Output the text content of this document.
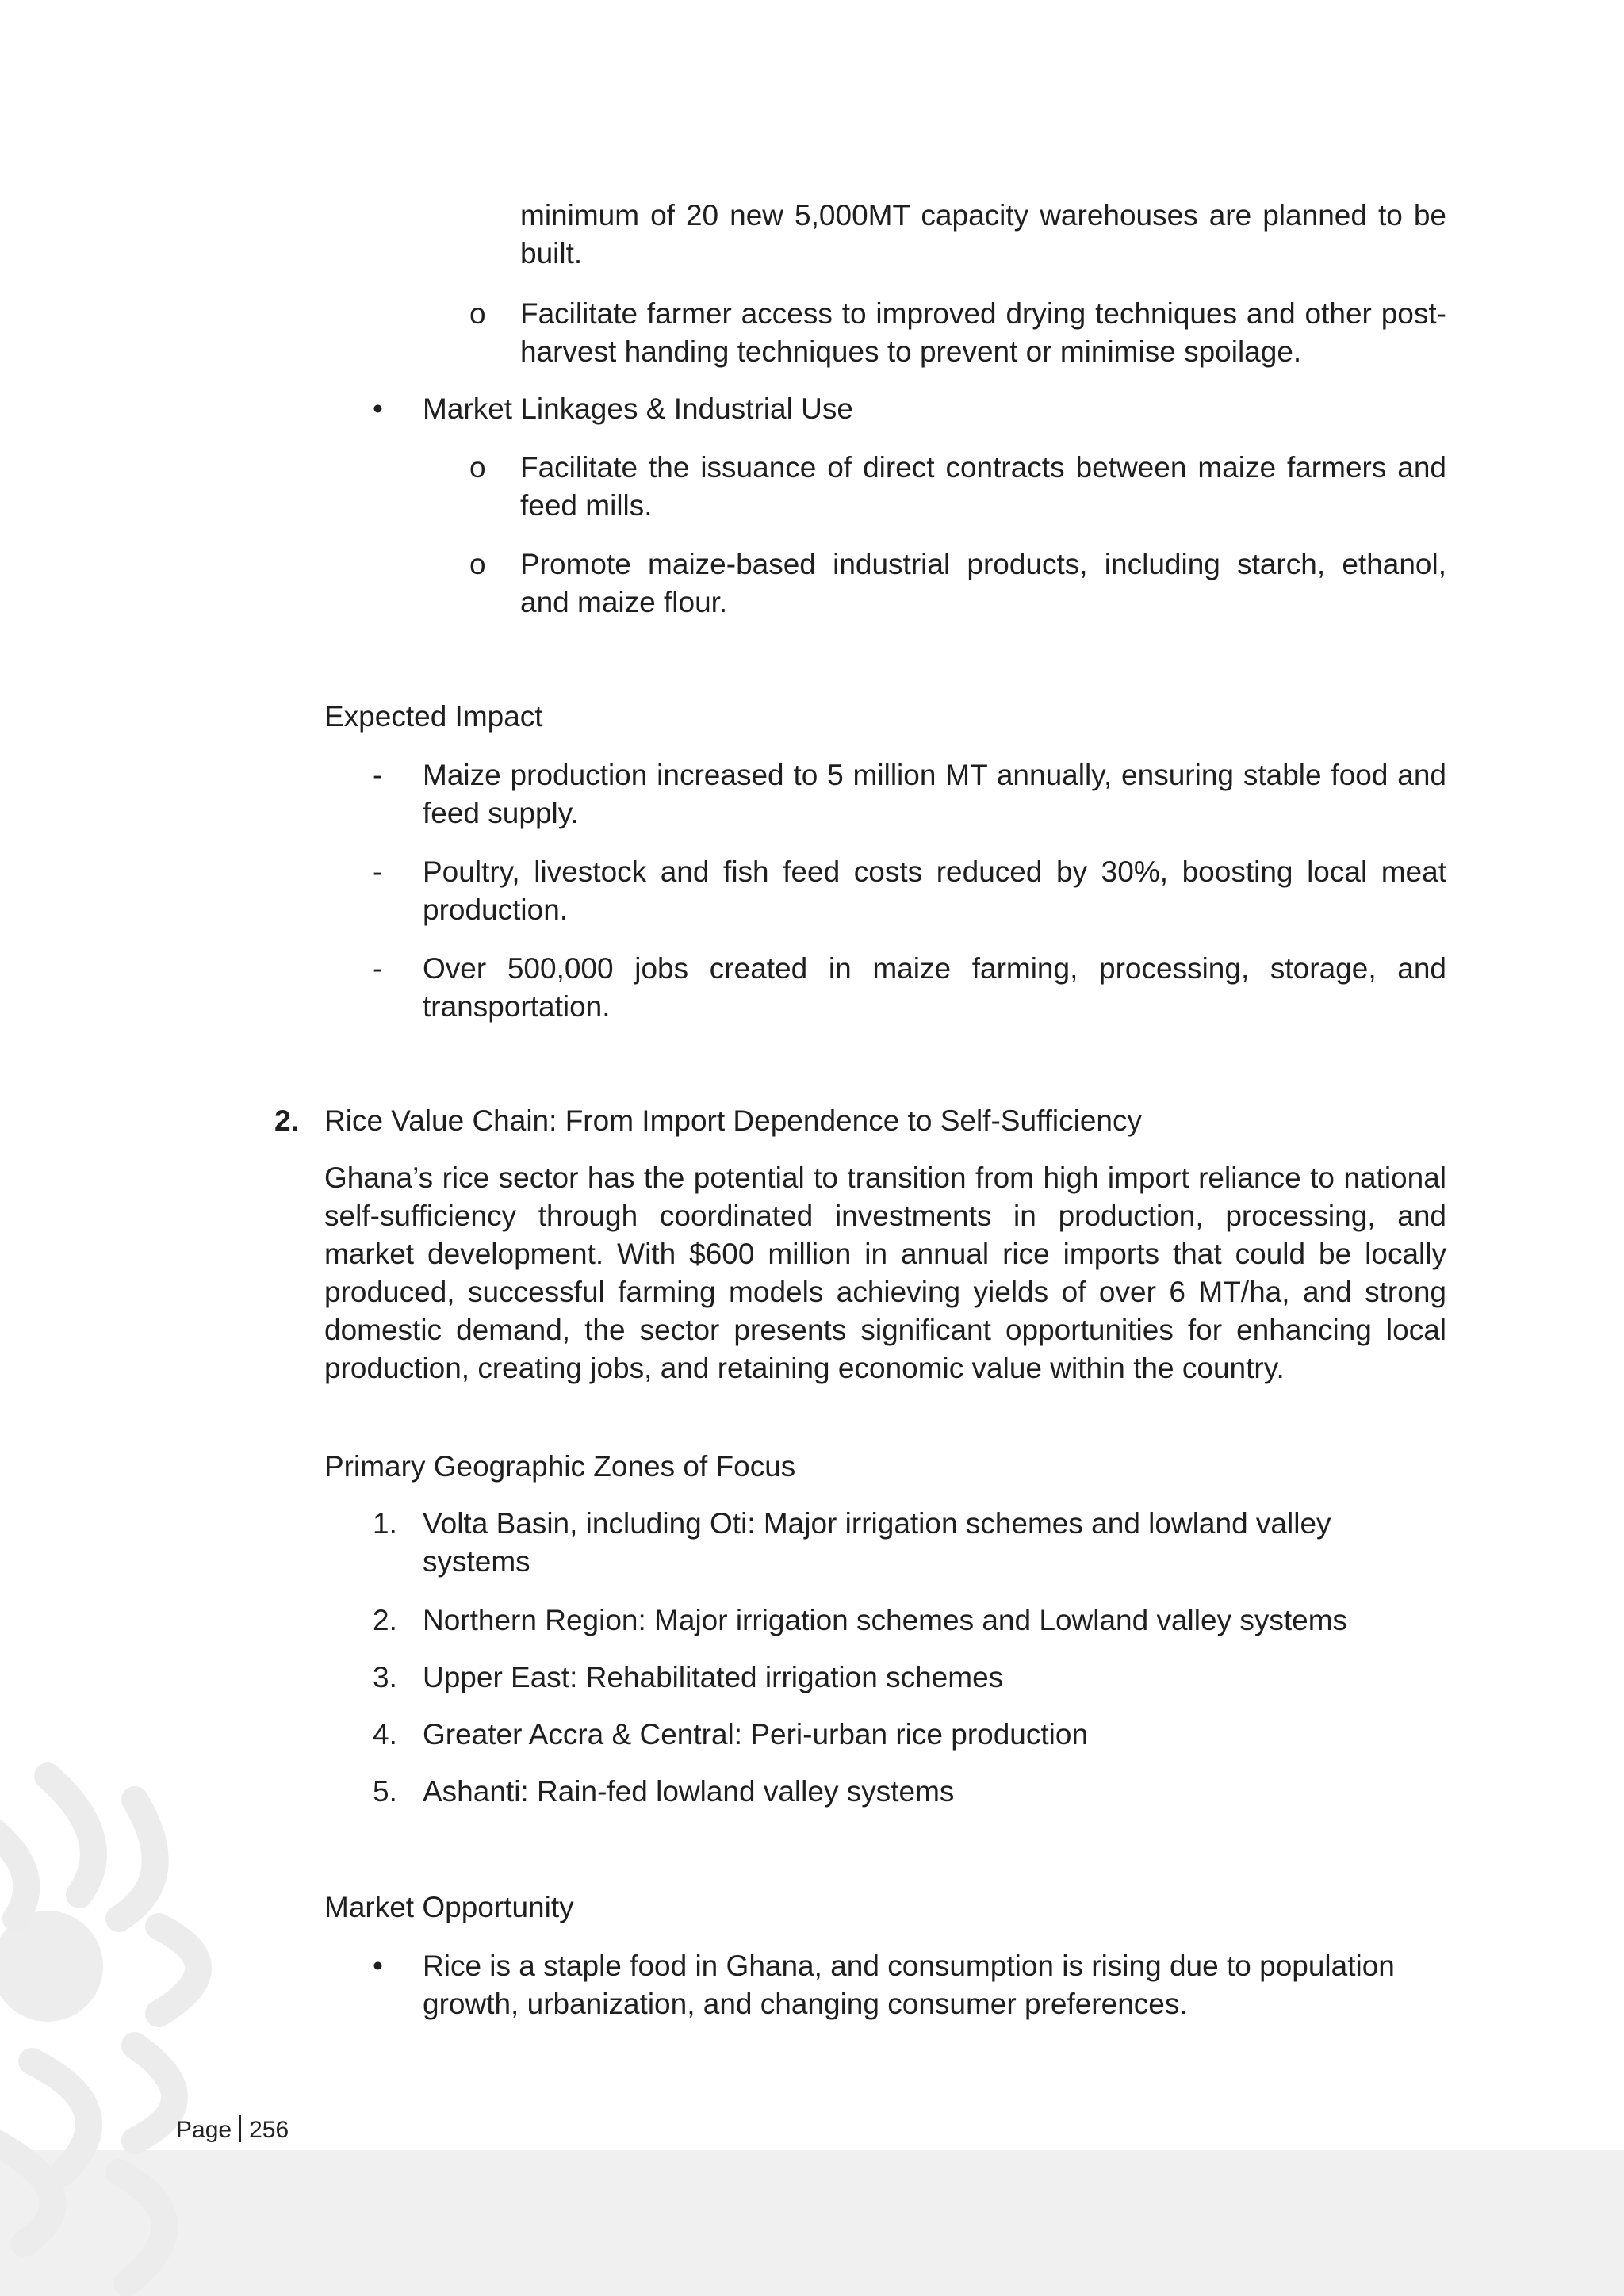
minimum of 20 new 5,000MT capacity warehouses are planned to be built.
o Facilitate farmer access to improved drying techniques and other post-harvest handing techniques to prevent or minimise spoilage.
• Market Linkages & Industrial Use
o Facilitate the issuance of direct contracts between maize farmers and feed mills.
o Promote maize-based industrial products, including starch, ethanol, and maize flour.
Expected Impact
- Maize production increased to 5 million MT annually, ensuring stable food and feed supply.
- Poultry, livestock and fish feed costs reduced by 30%, boosting local meat production.
- Over 500,000 jobs created in maize farming, processing, storage, and transportation.
2. Rice Value Chain: From Import Dependence to Self-Sufficiency
Ghana’s rice sector has the potential to transition from high import reliance to national self-sufficiency through coordinated investments in production, processing, and market development. With $600 million in annual rice imports that could be locally produced, successful farming models achieving yields of over 6 MT/ha, and strong domestic demand, the sector presents significant opportunities for enhancing local production, creating jobs, and retaining economic value within the country.
Primary Geographic Zones of Focus
1. Volta Basin, including Oti: Major irrigation schemes and lowland valley systems
2. Northern Region: Major irrigation schemes and Lowland valley systems
3. Upper East: Rehabilitated irrigation schemes
4. Greater Accra & Central: Peri-urban rice production
5. Ashanti: Rain-fed lowland valley systems
Market Opportunity
• Rice is a staple food in Ghana, and consumption is rising due to population growth, urbanization, and changing consumer preferences.
Page 256
